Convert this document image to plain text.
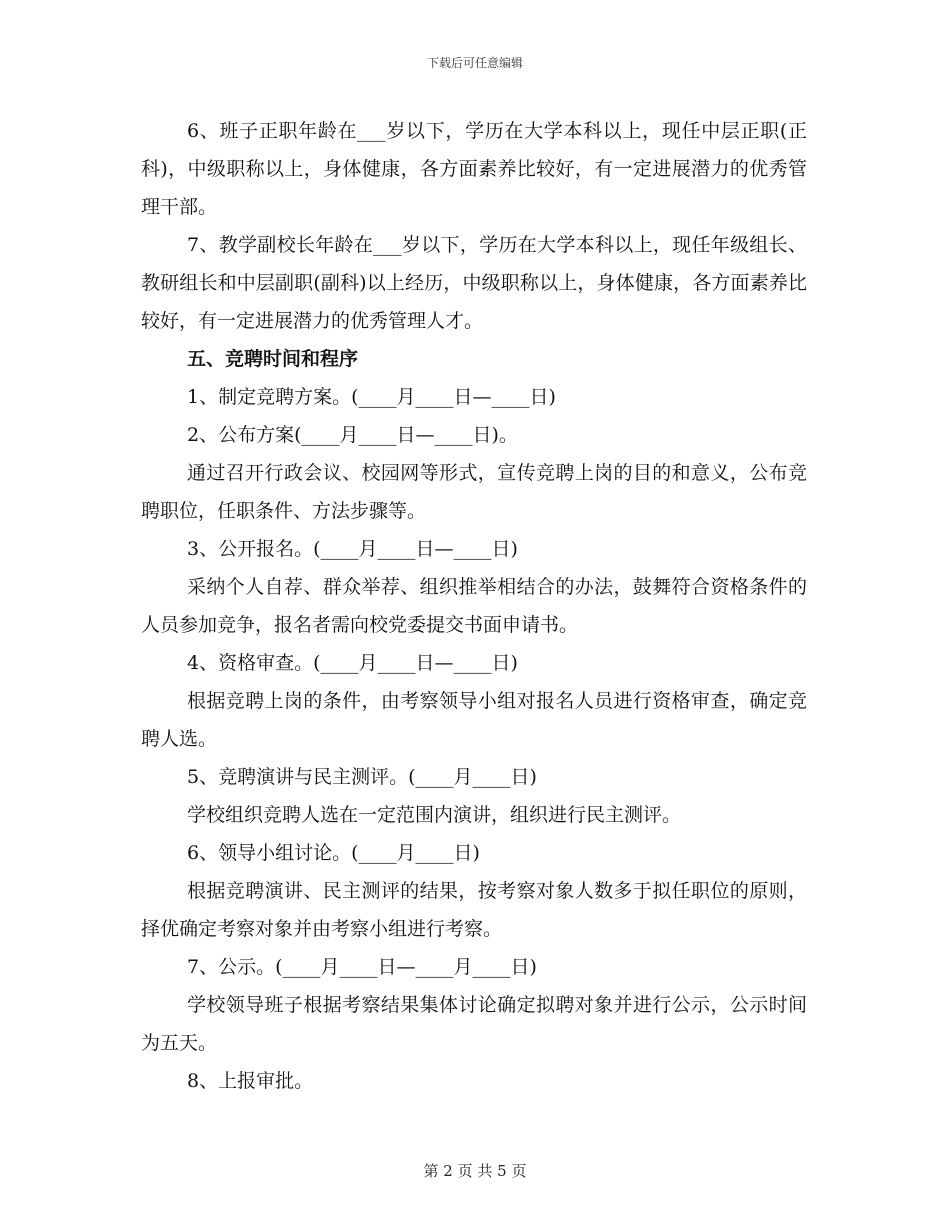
下载后可任意编辑

6、班子正职年龄在___岁以下，学历在大学本科以上，现任中层正职(正科)，中级职称以上，身体健康，各方面素养比较好，有一定进展潜力的优秀管理干部。

7、教学副校长年龄在___岁以下，学历在大学本科以上，现任年级组长、教研组长和中层副职(副科)以上经历，中级职称以上，身体健康，各方面素养比较好，有一定进展潜力的优秀管理人才。

五、竞聘时间和程序

1、制定竞聘方案。(____月____日—____日)

2、公布方案(____月____日—____日)。

通过召开行政会议、校园网等形式，宣传竞聘上岗的目的和意义，公布竞聘职位，任职条件、方法步骤等。

3、公开报名。(____月____日—____日)

采纳个人自荐、群众举荐、组织推举相结合的办法，鼓舞符合资格条件的人员参加竞争，报名者需向校党委提交书面申请书。

4、资格审查。(____月____日—____日)

根据竞聘上岗的条件，由考察领导小组对报名人员进行资格审查，确定竞聘人选。

5、竞聘演讲与民主测评。(____月____日)

学校组织竞聘人选在一定范围内演讲，组织进行民主测评。

6、领导小组讨论。(____月____日)

根据竞聘演讲、民主测评的结果，按考察对象人数多于拟任职位的原则，择优确定考察对象并由考察小组进行考察。

7、公示。(____月____日—____月____日)

学校领导班子根据考察结果集体讨论确定拟聘对象并进行公示，公示时间为五天。

8、上报审批。

第 2 页 共 5 页
